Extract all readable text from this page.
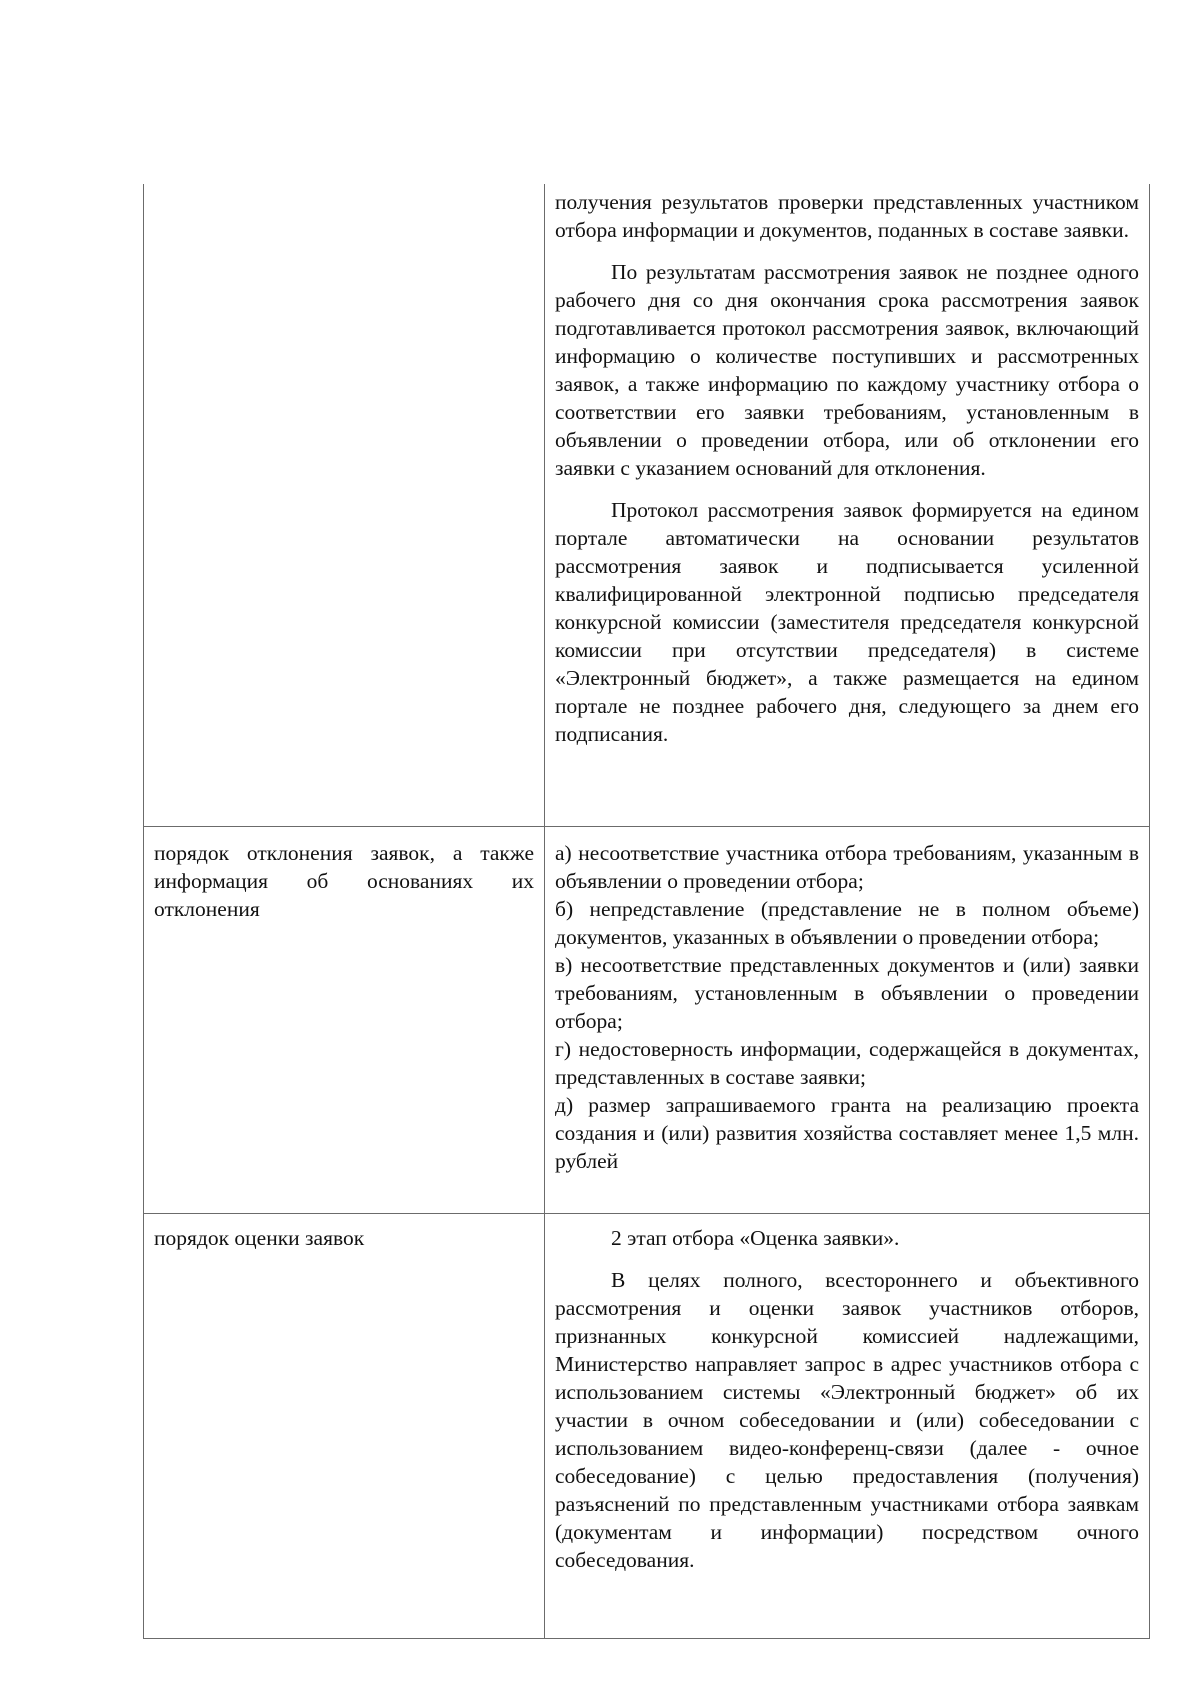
	получения результатов проверки представленных участником отбора информации и документов, поданных в составе заявки.

По результатам рассмотрения заявок не позднее одного рабочего дня со дня окончания срока рассмотрения заявок подготавливается протокол рассмотрения заявок, включающий информацию о количестве поступивших и рассмотренных заявок, а также информацию по каждому участнику отбора о соответствии его заявки требованиям, установленным в объявлении о проведении отбора, или об отклонении его заявки с указанием оснований для отклонения.

Протокол рассмотрения заявок формируется на едином портале автоматически на основании результатов рассмотрения заявок и подписывается усиленной квалифицированной электронной подписью председателя конкурсной комиссии (заместителя председателя конкурсной комиссии при отсутствии председателя) в системе «Электронный бюджет», а также размещается на едином портале не позднее рабочего дня, следующего за днем его подписания.

порядок отклонения заявок, а также информация об основаниях их отклонения	а) несоответствие участника отбора требованиям, указанным в объявлении о проведении отбора;

б) непредставление (представление не в полном объеме) документов, указанных в объявлении о проведении отбора;

в) несоответствие представленных документов и (или) заявки требованиям, установленным в объявлении о проведении отбора;

г) недостоверность информации, содержащейся в документах, представленных в составе заявки;

д) размер запрашиваемого гранта на реализацию проекта создания и (или) развития хозяйства составляет менее 1,5 млн. рублей

порядок оценки заявок	2 этап отбора «Оценка заявки».

В целях полного, всестороннего и объективного рассмотрения и оценки заявок участников отборов, признанных конкурсной комиссией надлежащими, Министерство направляет запрос в адрес участников отбора с использованием системы «Электронный бюджет» об их участии в очном собеседовании и (или) собеседовании с использованием видео-конференц-связи (далее - очное собеседование) с целью предоставления (получения) разъяснений по представленным участниками отбора заявкам (документам и информации) посредством очного собеседования.
